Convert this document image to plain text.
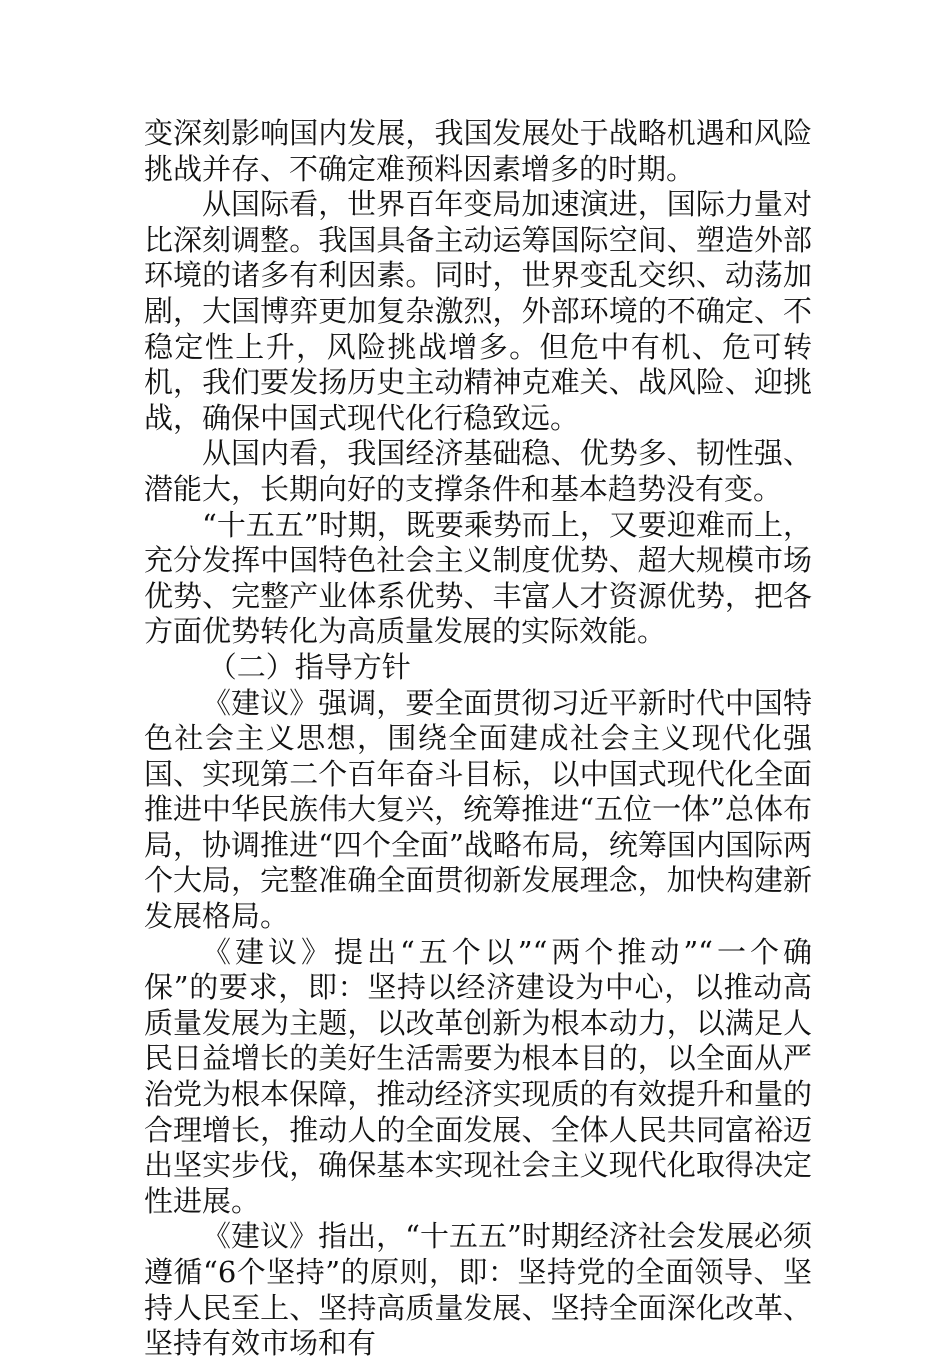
变深刻影响国内发展，我国发展处于战略机遇和风险挑战并存、不确定难预料因素增多的时期。

从国际看，世界百年变局加速演进，国际力量对比深刻调整。我国具备主动运筹国际空间、塑造外部环境的诸多有利因素。同时，世界变乱交织、动荡加剧，大国博弈更加复杂激烈，外部环境的不确定、不稳定性上升，风险挑战增多。但危中有机、危可转机，我们要发扬历史主动精神克难关、战风险、迎挑战，确保中国式现代化行稳致远。

从国内看，我国经济基础稳、优势多、韧性强、潜能大，长期向好的支撑条件和基本趋势没有变。

“十五五”时期，既要乘势而上，又要迎难而上，充分发挥中国特色社会主义制度优势、超大规模市场优势、完整产业体系优势、丰富人才资源优势，把各方面优势转化为高质量发展的实际效能。

（二）指导方针

《建议》强调，要全面贯彻习近平新时代中国特色社会主义思想，围绕全面建成社会主义现代化强国、实现第二个百年奋斗目标，以中国式现代化全面推进中华民族伟大复兴，统筹推进“五位一体”总体布局，协调推进“四个全面”战略布局，统筹国内国际两个大局，完整准确全面贯彻新发展理念，加快构建新发展格局。

《建议》提出“五个以”“两个推动”“一个确保”的要求，即：坚持以经济建设为中心，以推动高质量发展为主题，以改革创新为根本动力，以满足人民日益增长的美好生活需要为根本目的，以全面从严治党为根本保障，推动经济实现质的有效提升和量的合理增长，推动人的全面发展、全体人民共同富裕迈出坚实步伐，确保基本实现社会主义现代化取得决定性进展。

《建议》指出，“十五五”时期经济社会发展必须遵循“6个坚持”的原则，即：坚持党的全面领导、坚持人民至上、坚持高质量发展、坚持全面深化改革、坚持有效市场和有
